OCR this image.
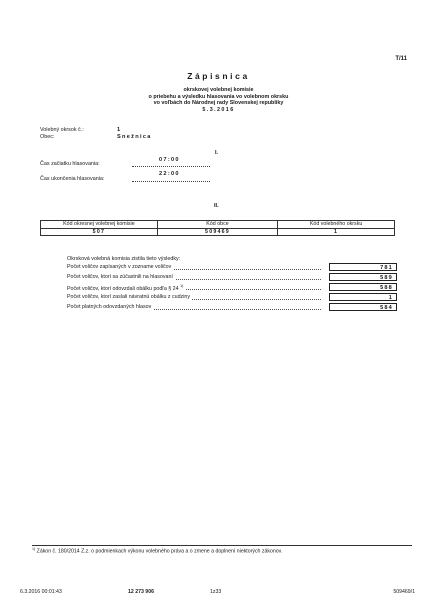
T/11
Zápisnica
okrskovej volebnej komisie
o priebehu a výsledku hlasovania vo volebnom okrsku
vo voľbách do Národnej rady Slovenskej republiky
5.3.2016
Volebný okrsok č.:	1
Obec:	Snežnica
I.
Čas začiatku hlasovania:
07:00
Čas ukončenia hlasovania:
22:00
II.
Kód okresnej volebnej komisie	Kód obce	Kód volebného okrsku
507	509469	1
Okrsková volebná komisia zistila tieto výsledky:
Počet voličov zapísaných v zozname voličov	781
Počet voličov, ktorí sa zúčastnili na hlasovaní	589
Počet voličov, ktorí odovzdali obálku podľa § 24 $^{1)}$	588
Počet voličov, ktorí zaslali návratnú obálku z cudziny	1
Počet platných odovzdaných hlasov	584
$^{1)}$ Zákon č. 180/2014 Z.z. o podmienkach výkonu volebného práva a o zmene a doplnení niektorých zákonov.
6.3.2016 00:01:43	12 273 906	1z33	509469/1
